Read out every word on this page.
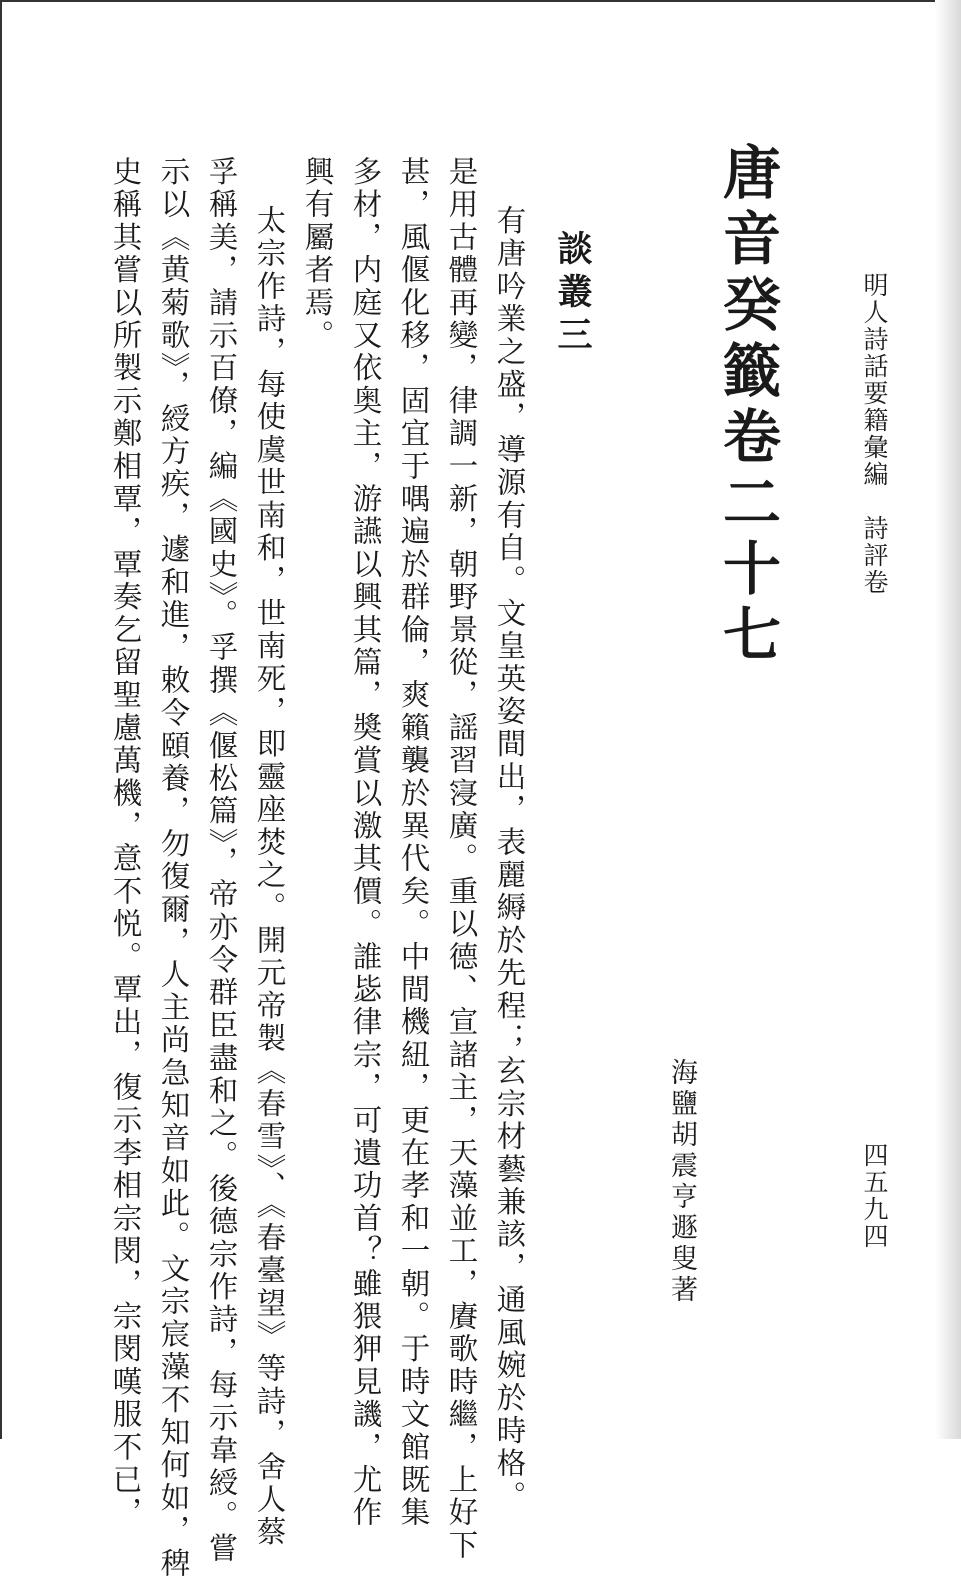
明人詩話要籍彙編　詩評卷
四五九四
唐音癸籤卷二十七
海鹽胡震亨遯叟著
談叢三
有唐吟業之盛，導源有自。文皇英姿間出，表麗縟於先程；玄宗材藝兼該，通風婉於時格。
是用古體再變，律調一新，朝野景從，謡習寖廣。重以德、宣諸主，天藻並工，賡歌時繼，上好下
甚，風偃化移，固宜于喁遍於群倫，爽籟襲於異代矣。中間機紐，更在孝和一朝。于時文館既集
多材，内庭又依奥主，游讌以興其篇，奬賞以激其價。誰毖律宗，可遺功首？雖猥狎見譏，尤作
興有屬者焉。
太宗作詩，每使虞世南和，世南死，即靈座焚之。開元帝製《春雪》、《春臺望》等詩，舍人蔡
孚稱美，請示百僚，編《國史》。孚撰《偃松篇》，帝亦令群臣盡和之。後德宗作詩，每示韋綬。嘗
示以《黄菊歌》，綬方疾，遽和進，敕令頤養，勿復爾，人主尚急知音如此。文宗宸藻不知何如，稗
史稱其嘗以所製示鄭相覃，覃奏乞留聖慮萬機，意不悦。覃出，復示李相宗閔，宗閔嘆服不已，
